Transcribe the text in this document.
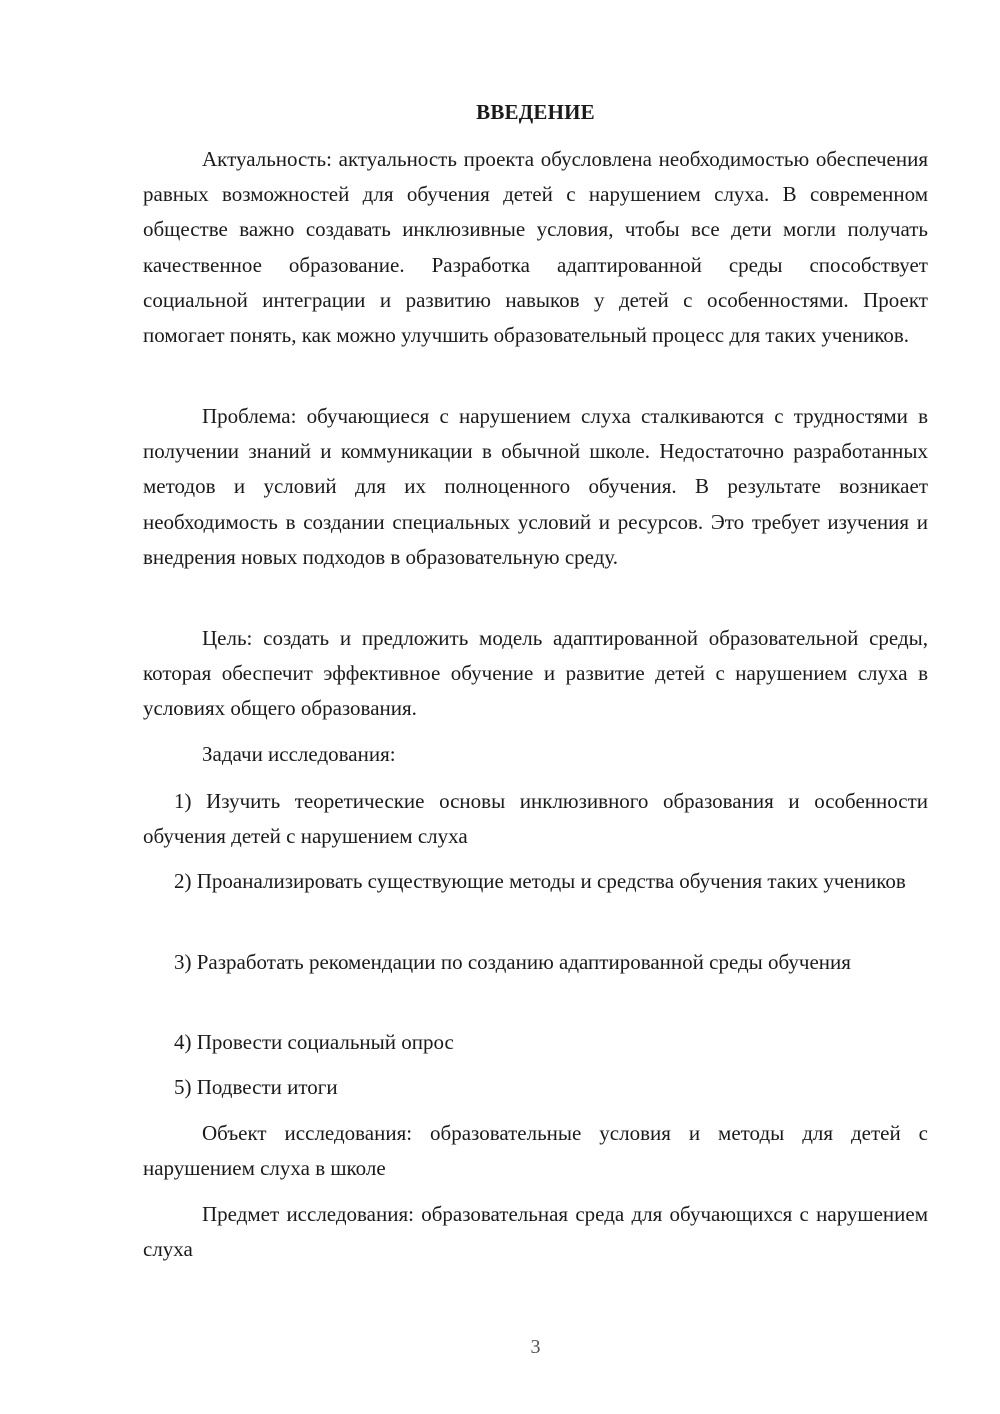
ВВЕДЕНИЕ

Актуальность: актуальность проекта обусловлена необходимостью обеспечения равных возможностей для обучения детей с нарушением слуха. В современном обществе важно создавать инклюзивные условия, чтобы все дети могли получать качественное образование. Разработка адаптированной среды способствует социальной интеграции и развитию навыков у детей с особенностями. Проект помогает понять, как можно улучшить образовательный процесс для таких учеников.

Проблема: обучающиеся с нарушением слуха сталкиваются с трудностями в получении знаний и коммуникации в обычной школе. Недостаточно разработанных методов и условий для их полноценного обучения. В результате возникает необходимость в создании специальных условий и ресурсов. Это требует изучения и внедрения новых подходов в образовательную среду.

Цель: создать и предложить модель адаптированной образовательной среды, которая обеспечит эффективное обучение и развитие детей с нарушением слуха в условиях общего образования.

Задачи исследования:

1) Изучить теоретические основы инклюзивного образования и особенности обучения детей с нарушением слуха

2) Проанализировать существующие методы и средства обучения таких учеников

3) Разработать рекомендации по созданию адаптированной среды обучения

4) Провести социальный опрос

5) Подвести итоги

Объект исследования: образовательные условия и методы для детей с нарушением слуха в школе

Предмет исследования: образовательная среда для обучающихся с нарушением слуха

3
